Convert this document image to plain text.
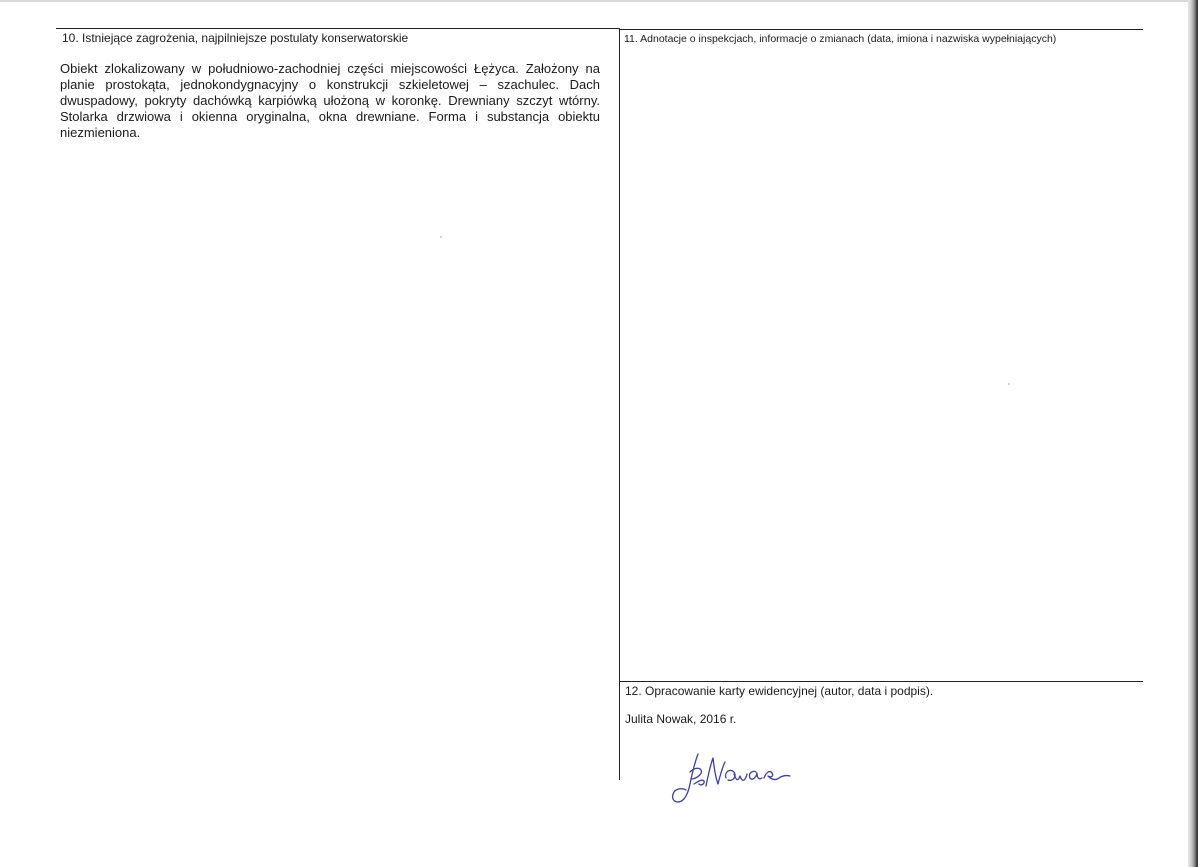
10. Istniejące zagrożenia, najpilniejsze postulaty konserwatorskie

Obiekt zlokalizowany w południowo-zachodniej części miejscowości Łężyca. Założony na planie prostokąta, jednokondygnacyjny o konstrukcji szkieletowej – szachulec. Dach dwuspadowy, pokryty dachówką karpiówką ułożoną w koronkę. Drewniany szczyt wtórny. Stolarka drzwiowa i okienna oryginalna, okna drewniane. Forma i substancja obiektu niezmieniona.

11. Adnotacje o inspekcjach, informacje o zmianach (data, imiona i nazwiska wypełniających)
12. Opracowanie karty ewidencyjnej (autor, data i podpis).
Julita Nowak, 2016 r.
